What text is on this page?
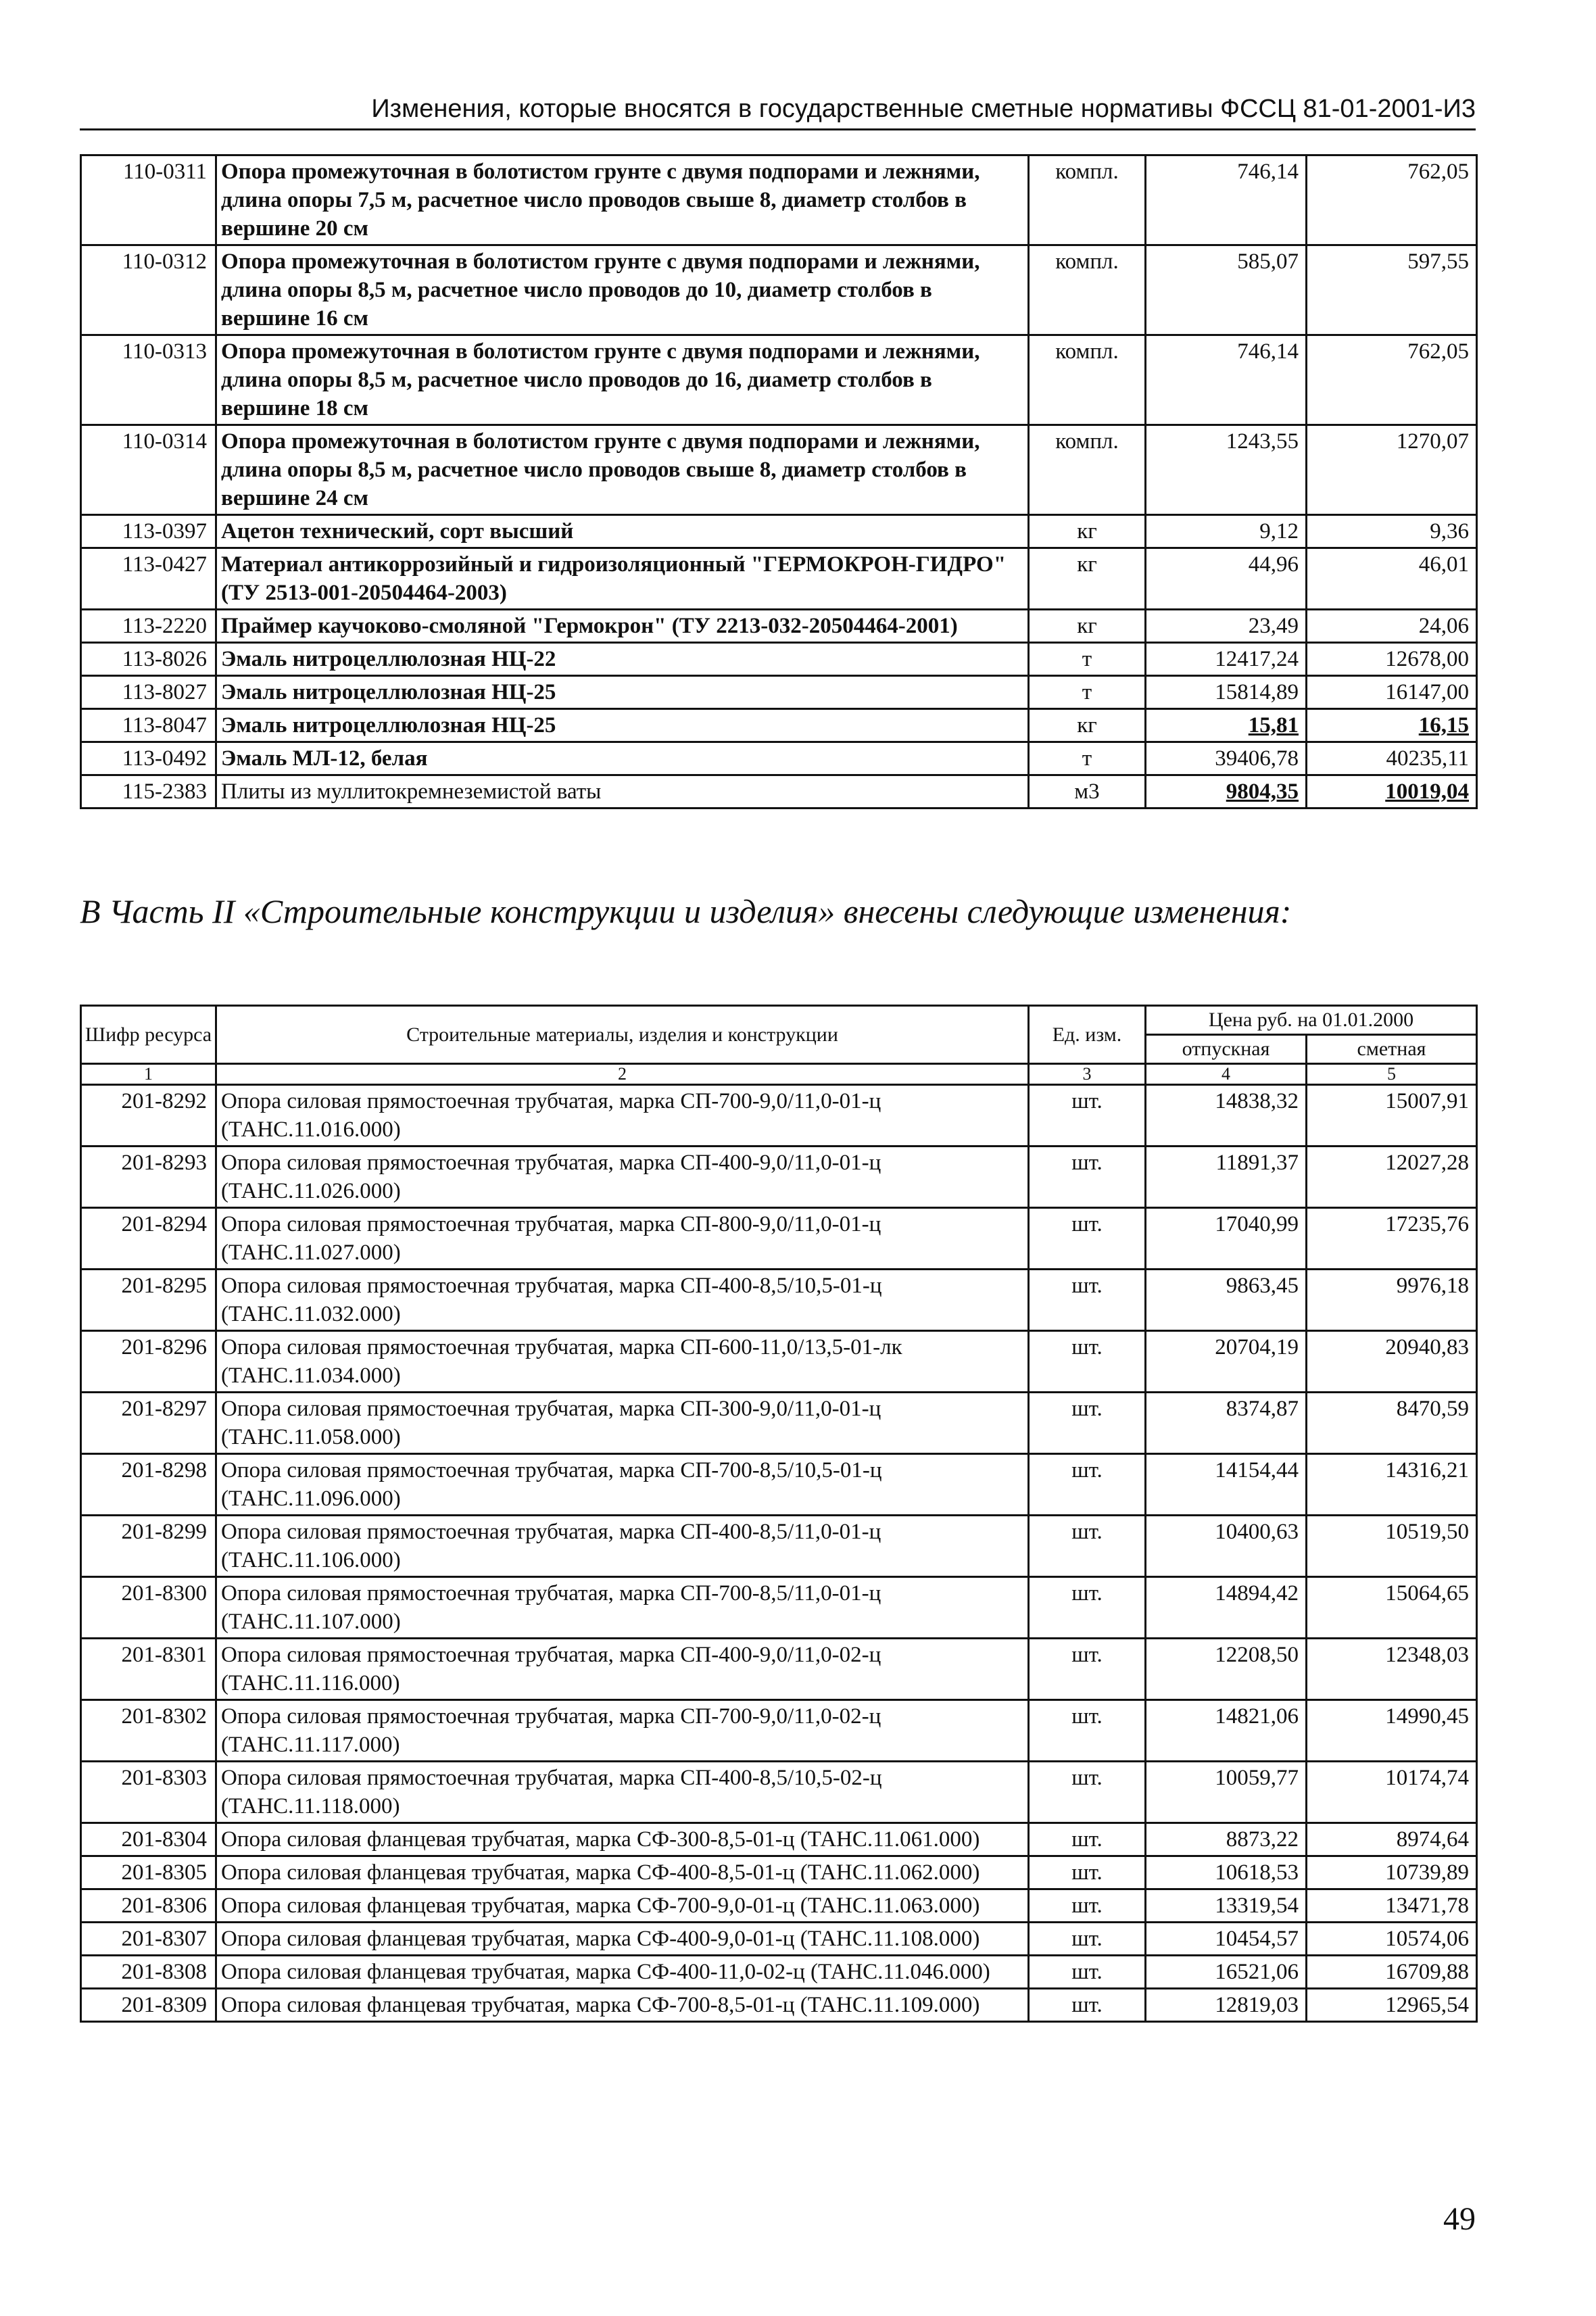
Изменения, которые вносятся в государственные сметные нормативы ФССЦ 81-01-2001-И3
110-0311	Опора промежуточная в болотистом грунте с двумя подпорами и лежнями, длина опоры 7,5 м, расчетное число проводов свыше 8, диаметр столбов в вершине 20 см	компл.	746,14	762,05
110-0312	Опора промежуточная в болотистом грунте с двумя подпорами и лежнями, длина опоры 8,5 м, расчетное число проводов до 10, диаметр столбов в вершине 16 см	компл.	585,07	597,55
110-0313	Опора промежуточная в болотистом грунте с двумя подпорами и лежнями, длина опоры 8,5 м, расчетное число проводов до 16, диаметр столбов в вершине 18 см	компл.	746,14	762,05
110-0314	Опора промежуточная в болотистом грунте с двумя подпорами и лежнями, длина опоры 8,5 м, расчетное число проводов свыше 8, диаметр столбов в вершине 24 см	компл.	1243,55	1270,07
113-0397	Ацетон технический, сорт высший	кг	9,12	9,36
113-0427	Материал антикоррозийный и гидроизоляционный "ГЕРМОКРОН-ГИДРО" (ТУ 2513-001-20504464-2003)	кг	44,96	46,01
113-2220	Праймер каучоково-смоляной "Гермокрон" (ТУ 2213-032-20504464-2001)	кг	23,49	24,06
113-8026	Эмаль нитроцеллюлозная НЦ-22	т	12417,24	12678,00
113-8027	Эмаль нитроцеллюлозная НЦ-25	т	15814,89	16147,00
113-8047	Эмаль нитроцеллюлозная НЦ-25	кг	15,81	16,15
113-0492	Эмаль МЛ-12, белая	т	39406,78	40235,11
115-2383	Плиты из муллитокремнеземистой ваты	м3	9804,35	10019,04
В Часть II «Строительные конструкции и изделия» внесены следующие изменения:
Шифр ресурса	Строительные материалы, изделия и конструкции	Ед. изм.	Цена руб. на 01.01.2000	
			отпускная	сметная
1	2	3	4	5
201-8292	Опора силовая прямостоечная трубчатая, марка СП-700-9,0/11,0-01-ц (ТАНС.11.016.000)	шт.	14838,32	15007,91
201-8293	Опора силовая прямостоечная трубчатая, марка СП-400-9,0/11,0-01-ц (ТАНС.11.026.000)	шт.	11891,37	12027,28
201-8294	Опора силовая прямостоечная трубчатая, марка СП-800-9,0/11,0-01-ц (ТАНС.11.027.000)	шт.	17040,99	17235,76
201-8295	Опора силовая прямостоечная трубчатая, марка СП-400-8,5/10,5-01-ц (ТАНС.11.032.000)	шт.	9863,45	9976,18
201-8296	Опора силовая прямостоечная трубчатая, марка СП-600-11,0/13,5-01-лк (ТАНС.11.034.000)	шт.	20704,19	20940,83
201-8297	Опора силовая прямостоечная трубчатая, марка СП-300-9,0/11,0-01-ц (ТАНС.11.058.000)	шт.	8374,87	8470,59
201-8298	Опора силовая прямостоечная трубчатая, марка СП-700-8,5/10,5-01-ц (ТАНС.11.096.000)	шт.	14154,44	14316,21
201-8299	Опора силовая прямостоечная трубчатая, марка СП-400-8,5/11,0-01-ц (ТАНС.11.106.000)	шт.	10400,63	10519,50
201-8300	Опора силовая прямостоечная трубчатая, марка СП-700-8,5/11,0-01-ц (ТАНС.11.107.000)	шт.	14894,42	15064,65
201-8301	Опора силовая прямостоечная трубчатая, марка СП-400-9,0/11,0-02-ц (ТАНС.11.116.000)	шт.	12208,50	12348,03
201-8302	Опора силовая прямостоечная трубчатая, марка СП-700-9,0/11,0-02-ц (ТАНС.11.117.000)	шт.	14821,06	14990,45
201-8303	Опора силовая прямостоечная трубчатая, марка СП-400-8,5/10,5-02-ц (ТАНС.11.118.000)	шт.	10059,77	10174,74
201-8304	Опора силовая фланцевая трубчатая, марка СФ-300-8,5-01-ц (ТАНС.11.061.000)	шт.	8873,22	8974,64
201-8305	Опора силовая фланцевая трубчатая, марка СФ-400-8,5-01-ц (ТАНС.11.062.000)	шт.	10618,53	10739,89
201-8306	Опора силовая фланцевая трубчатая, марка СФ-700-9,0-01-ц (ТАНС.11.063.000)	шт.	13319,54	13471,78
201-8307	Опора силовая фланцевая трубчатая, марка СФ-400-9,0-01-ц (ТАНС.11.108.000)	шт.	10454,57	10574,06
201-8308	Опора силовая фланцевая трубчатая, марка СФ-400-11,0-02-ц (ТАНС.11.046.000)	шт.	16521,06	16709,88
201-8309	Опора силовая фланцевая трубчатая, марка СФ-700-8,5-01-ц (ТАНС.11.109.000)	шт.	12819,03	12965,54
49
